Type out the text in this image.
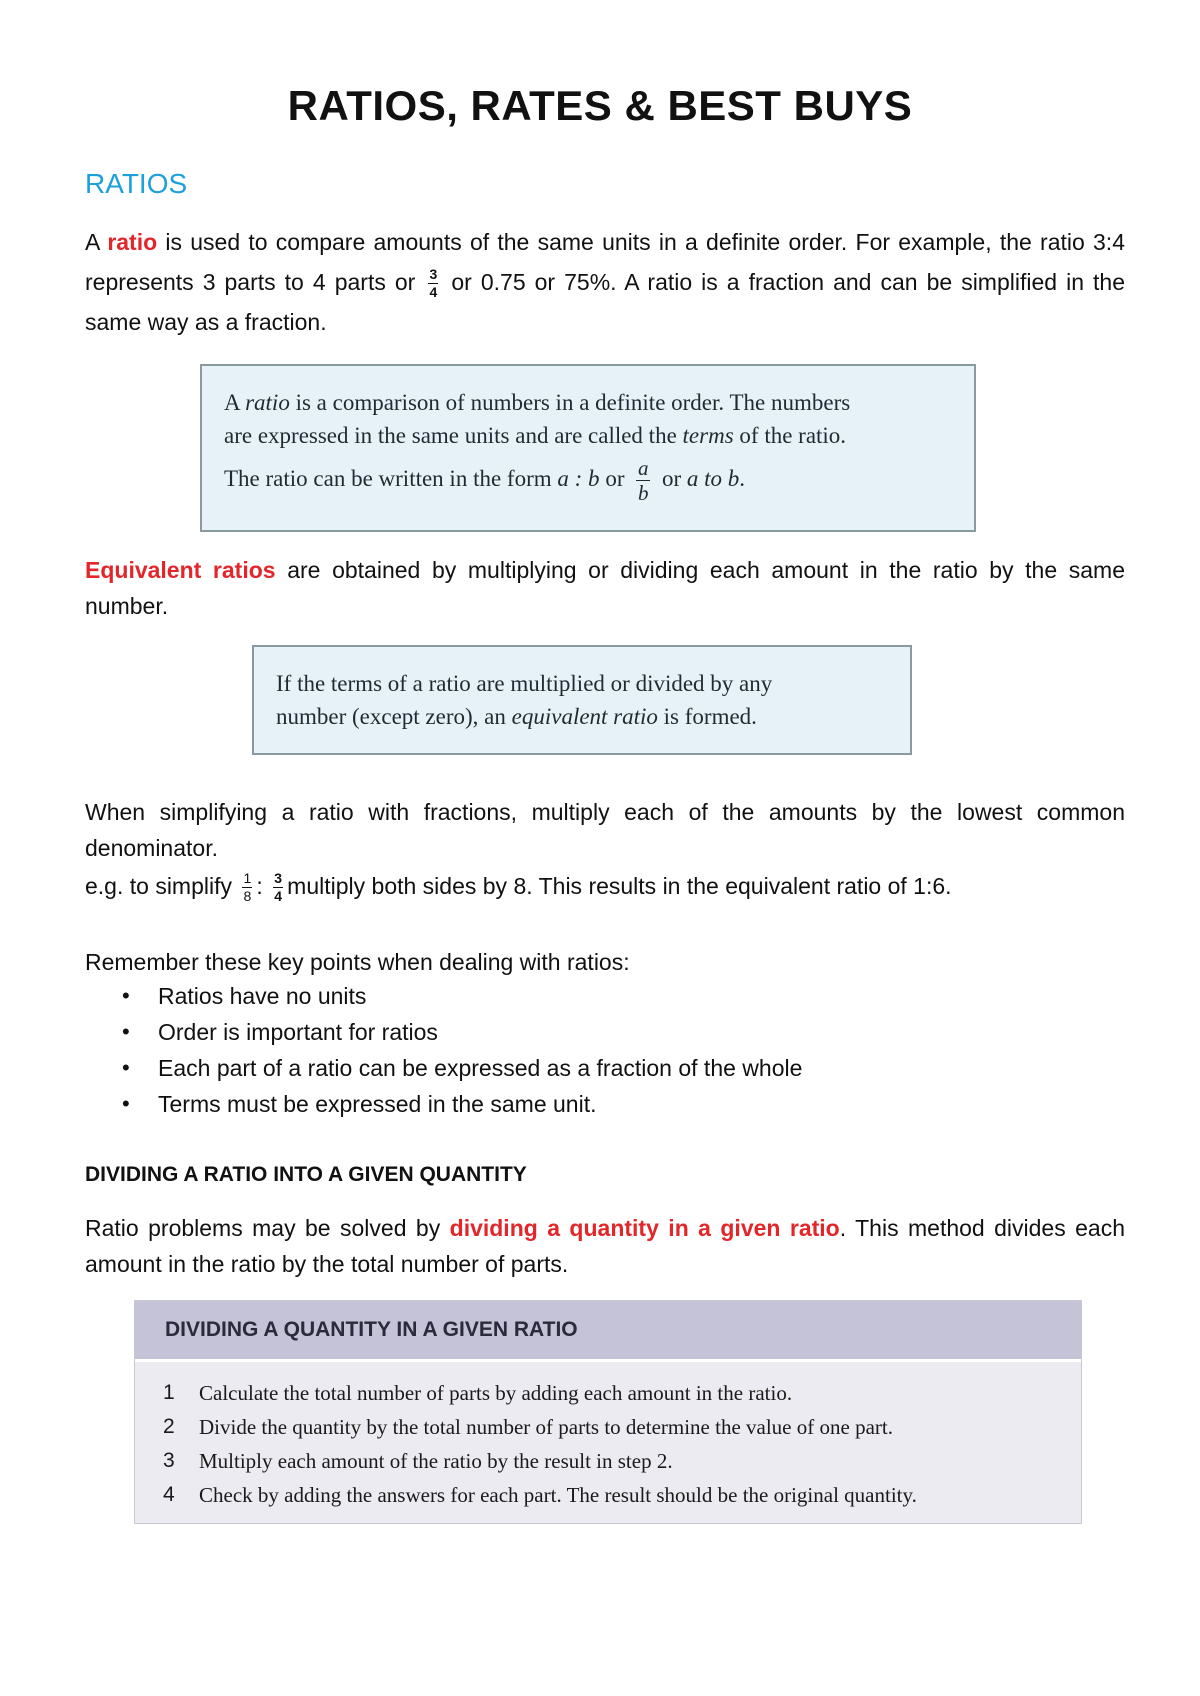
RATIOS, RATES & BEST BUYS
RATIOS
A ratio is used to compare amounts of the same units in a definite order. For example, the ratio 3:4 represents 3 parts to 4 parts or $\frac{3}{4}$ or 0.75 or 75%. A ratio is a fraction and can be simplified in the same way as a fraction.
A ratio is a comparison of numbers in a definite order. The numbers
are expressed in the same units and are called the terms of the ratio.
The ratio can be written in the form a : b or $\frac{a}{b}$ or a to b.
Equivalent ratios are obtained by multiplying or dividing each amount in the ratio by the same number.
If the terms of a ratio are multiplied or divided by any
number (except zero), an equivalent ratio is formed.
When simplifying a ratio with fractions, multiply each of the amounts by the lowest common denominator.
e.g. to simplify $\frac{1}{8}$ : $\frac{3}{4}$ multiply both sides by 8. This results in the equivalent ratio of 1:6.
Remember these key points when dealing with ratios:
• Ratios have no units
• Order is important for ratios
• Each part of a ratio can be expressed as a fraction of the whole
• Terms must be expressed in the same unit.
DIVIDING A RATIO INTO A GIVEN QUANTITY
Ratio problems may be solved by dividing a quantity in a given ratio. This method divides each amount in the ratio by the total number of parts.
DIVIDING A QUANTITY IN A GIVEN RATIO
1 Calculate the total number of parts by adding each amount in the ratio.
2 Divide the quantity by the total number of parts to determine the value of one part.
3 Multiply each amount of the ratio by the result in step 2.
4 Check by adding the answers for each part. The result should be the original quantity.
